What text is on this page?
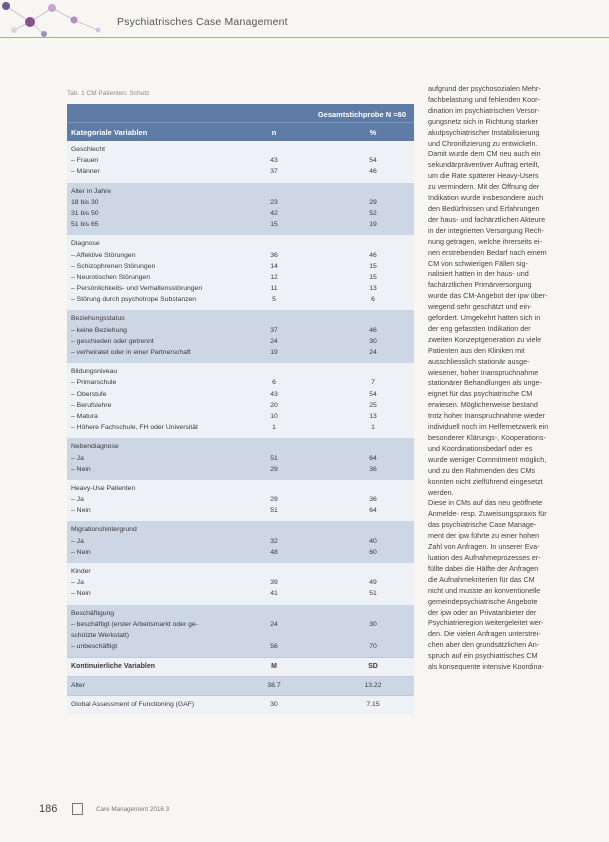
Psychiatrisches Case Management
Tab. 1 CM Patienten: Schutz
Gesamtstichprobe N =60
Kategoriale Variablen	n	%
Geschlecht
– Frauen	43	54
– Männer	37	46
Alter in Jahre
18 bis 30	23	29
31 bis 50	42	52
51 bis 65	15	19
Diagnose
– Affektive Störungen	36	46
– Schizophrenen Störungen	14	15
– Neurotischen Störungen	12	15
– Persönlichkeits- und Verhaltensstörungen	11	13
– Störung durch psychotrope Substanzen	5	6
Beziehungsstatus
– keine Beziehung	37	46
– geschieden oder getrennt	24	30
– verheiratet oder in einer Partnerschaft	19	24
Bildungsniveau
– Primarschule	6	7
– Oberstufe	43	54
– Berufslehre	20	25
– Matura	10	13
– Höhere Fachschule, FH oder Universität	1	1
Nebendiagnose
– Ja	51	64
– Nein	29	36
Heavy-Use Patienten
– Ja	29	36
– Nein	51	64
Migrationshintergrund
– Ja	32	40
– Nein	48	60
Kinder
– Ja	39	49
– Nein	41	51
Beschäftigung
– beschäftigt (erster Arbeitsmarkt oder ge-	24	30
schützte Werkstatt)
– unbeschäftigt	56	70
Kontinuierliche Variablen	M	SD
Alter	38.7	13.22
Global Assessment of Functioning (GAF)	30	7.15
aufgrund der psychosozialen Mehr-
fachbelastung und fehlenden Koor-
dination im psychiatrischen Versor-
gungsnetz sich in Richtung starker
akutpsychiatrischer Instabilisierung
und Chronifizierung zu entwickeln.
Damit wurde dem CM neu auch ein
sekundärpräventiver Auftrag erteilt,
um die Rate späterer Heavy-Users
zu vermindern. Mit der Öffnung der
Indikation wurde insbesondere auch
den Bedürfnissen und Erfahrungen
der haus- und fachärztlichen Akteure
in der integrierten Versorgung Rech-
nung getragen, welche ihrerseits ei-
nen erstrebenden Bedarf nach einem
CM von schwierigen Fällen sig-
nalisiert hatten in der haus- und
fachärztlichen Primärversorgung
wurde das CM-Angebot der ipw über-
wiegend sehr geschätzt und ein-
gefordert. Umgekehrt hatten sich in
der eng gefassten Indikation der
zweiten Konzeptgeneration zu viele
Patienten aus den Kliniken mit
ausschliesslich stationär ausge-
wiesener, hoher Inanspruchnahme
stationärer Behandlungen als unge-
eignet für das psychiatrische CM
erwiesen. Möglicherweise bestand
trotz hoher Inanspruchnahme wieder
individuell noch im Helfernetzwerk ein
besonderer Klärungs-, Kooperations-
und Koordinationsbedarf oder es
wurde weniger Commitment möglich,
und zu den Rahmenden des CMs
konnten nicht zielführend eingesetzt
werden.
Diese in CMs auf das neu geöffnete
Anmelde- resp. Zuweisungspraxis für
das psychiatrische Case Manage-
ment der ipw führte zu einer hohen
Zahl von Anfragen. In unserer Eva-
luation des Aufnahmeprozesses er-
füllte dabei die Hälfte der Anfragen
die Aufnahmekriterien für das CM
nicht und musste an konventionelle
gemeindepsychiatrische Angebote
der ipw oder an Privatanbieter der
Psychiatrieregion weitergeleitet wer-
den. Die vielen Anfragen unterstrei-
chen aber den grundsätzlichen An-
spruch auf ein psychiatrisches CM
als konsequente intensive Koordina-
186	Care Management 2016 3
